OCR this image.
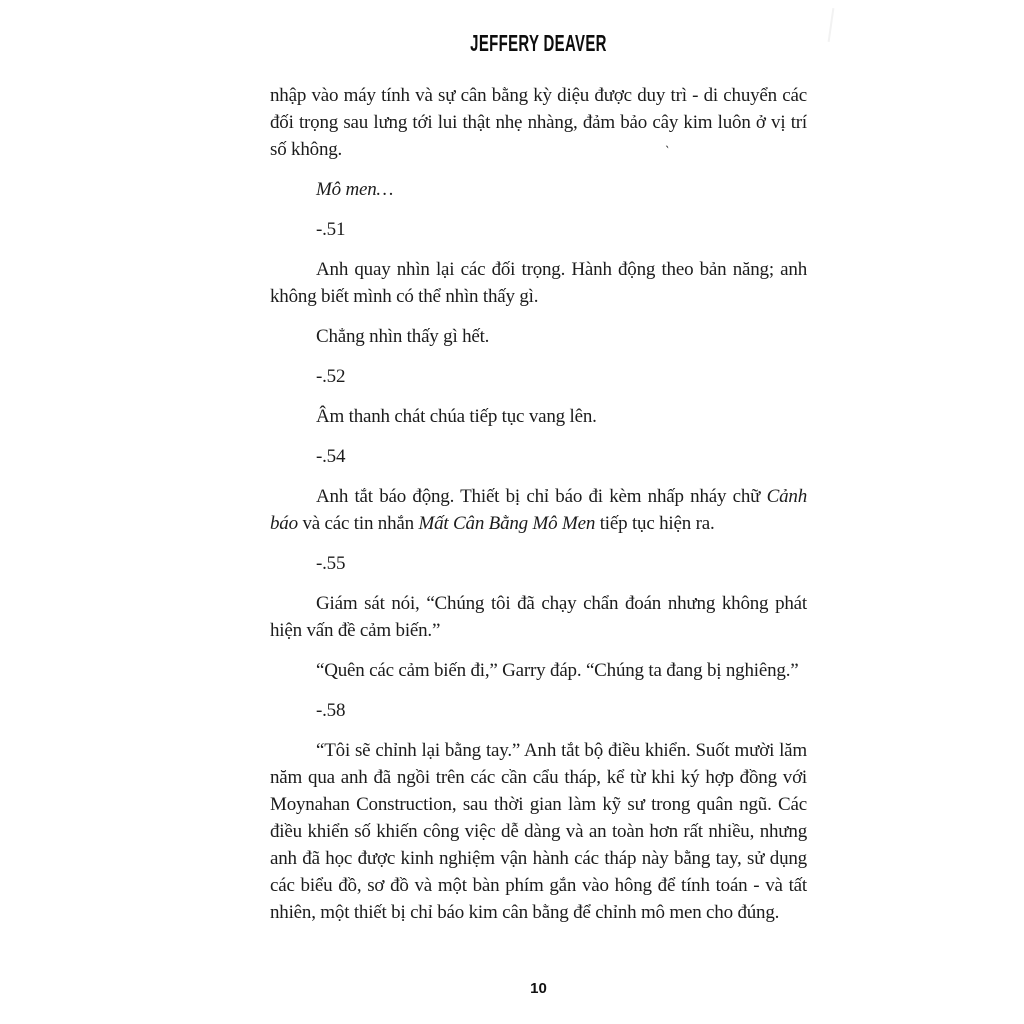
JEFFERY DEAVER
ˏ

nhập vào máy tính và sự cân bằng kỳ diệu được duy trì - di chuyển các đối trọng sau lưng tới lui thật nhẹ nhàng, đảm bảo cây kim luôn ở vị trí số không.

Mô men…

-.51

Anh quay nhìn lại các đối trọng. Hành động theo bản năng; anh không biết mình có thể nhìn thấy gì.

Chẳng nhìn thấy gì hết.

-.52

Âm thanh chát chúa tiếp tục vang lên.

-.54

Anh tắt báo động. Thiết bị chỉ báo đi kèm nhấp nháy chữ Cảnh báo và các tin nhắn Mất Cân Bằng Mô Men tiếp tục hiện ra.

-.55

Giám sát nói, “Chúng tôi đã chạy chẩn đoán nhưng không phát hiện vấn đề cảm biến.”

“Quên các cảm biến đi,” Garry đáp. “Chúng ta đang bị nghiêng.”

-.58

“Tôi sẽ chỉnh lại bằng tay.” Anh tắt bộ điều khiển. Suốt mười lăm năm qua anh đã ngồi trên các cần cẩu tháp, kể từ khi ký hợp đồng với Moynahan Construction, sau thời gian làm kỹ sư trong quân ngũ. Các điều khiển số khiến công việc dễ dàng và an toàn hơn rất nhiều, nhưng anh đã học được kinh nghiệm vận hành các tháp này bằng tay, sử dụng các biểu đồ, sơ đồ và một bàn phím gắn vào hông để tính toán - và tất nhiên, một thiết bị chỉ báo kim cân bằng để chỉnh mô men cho đúng.

10
